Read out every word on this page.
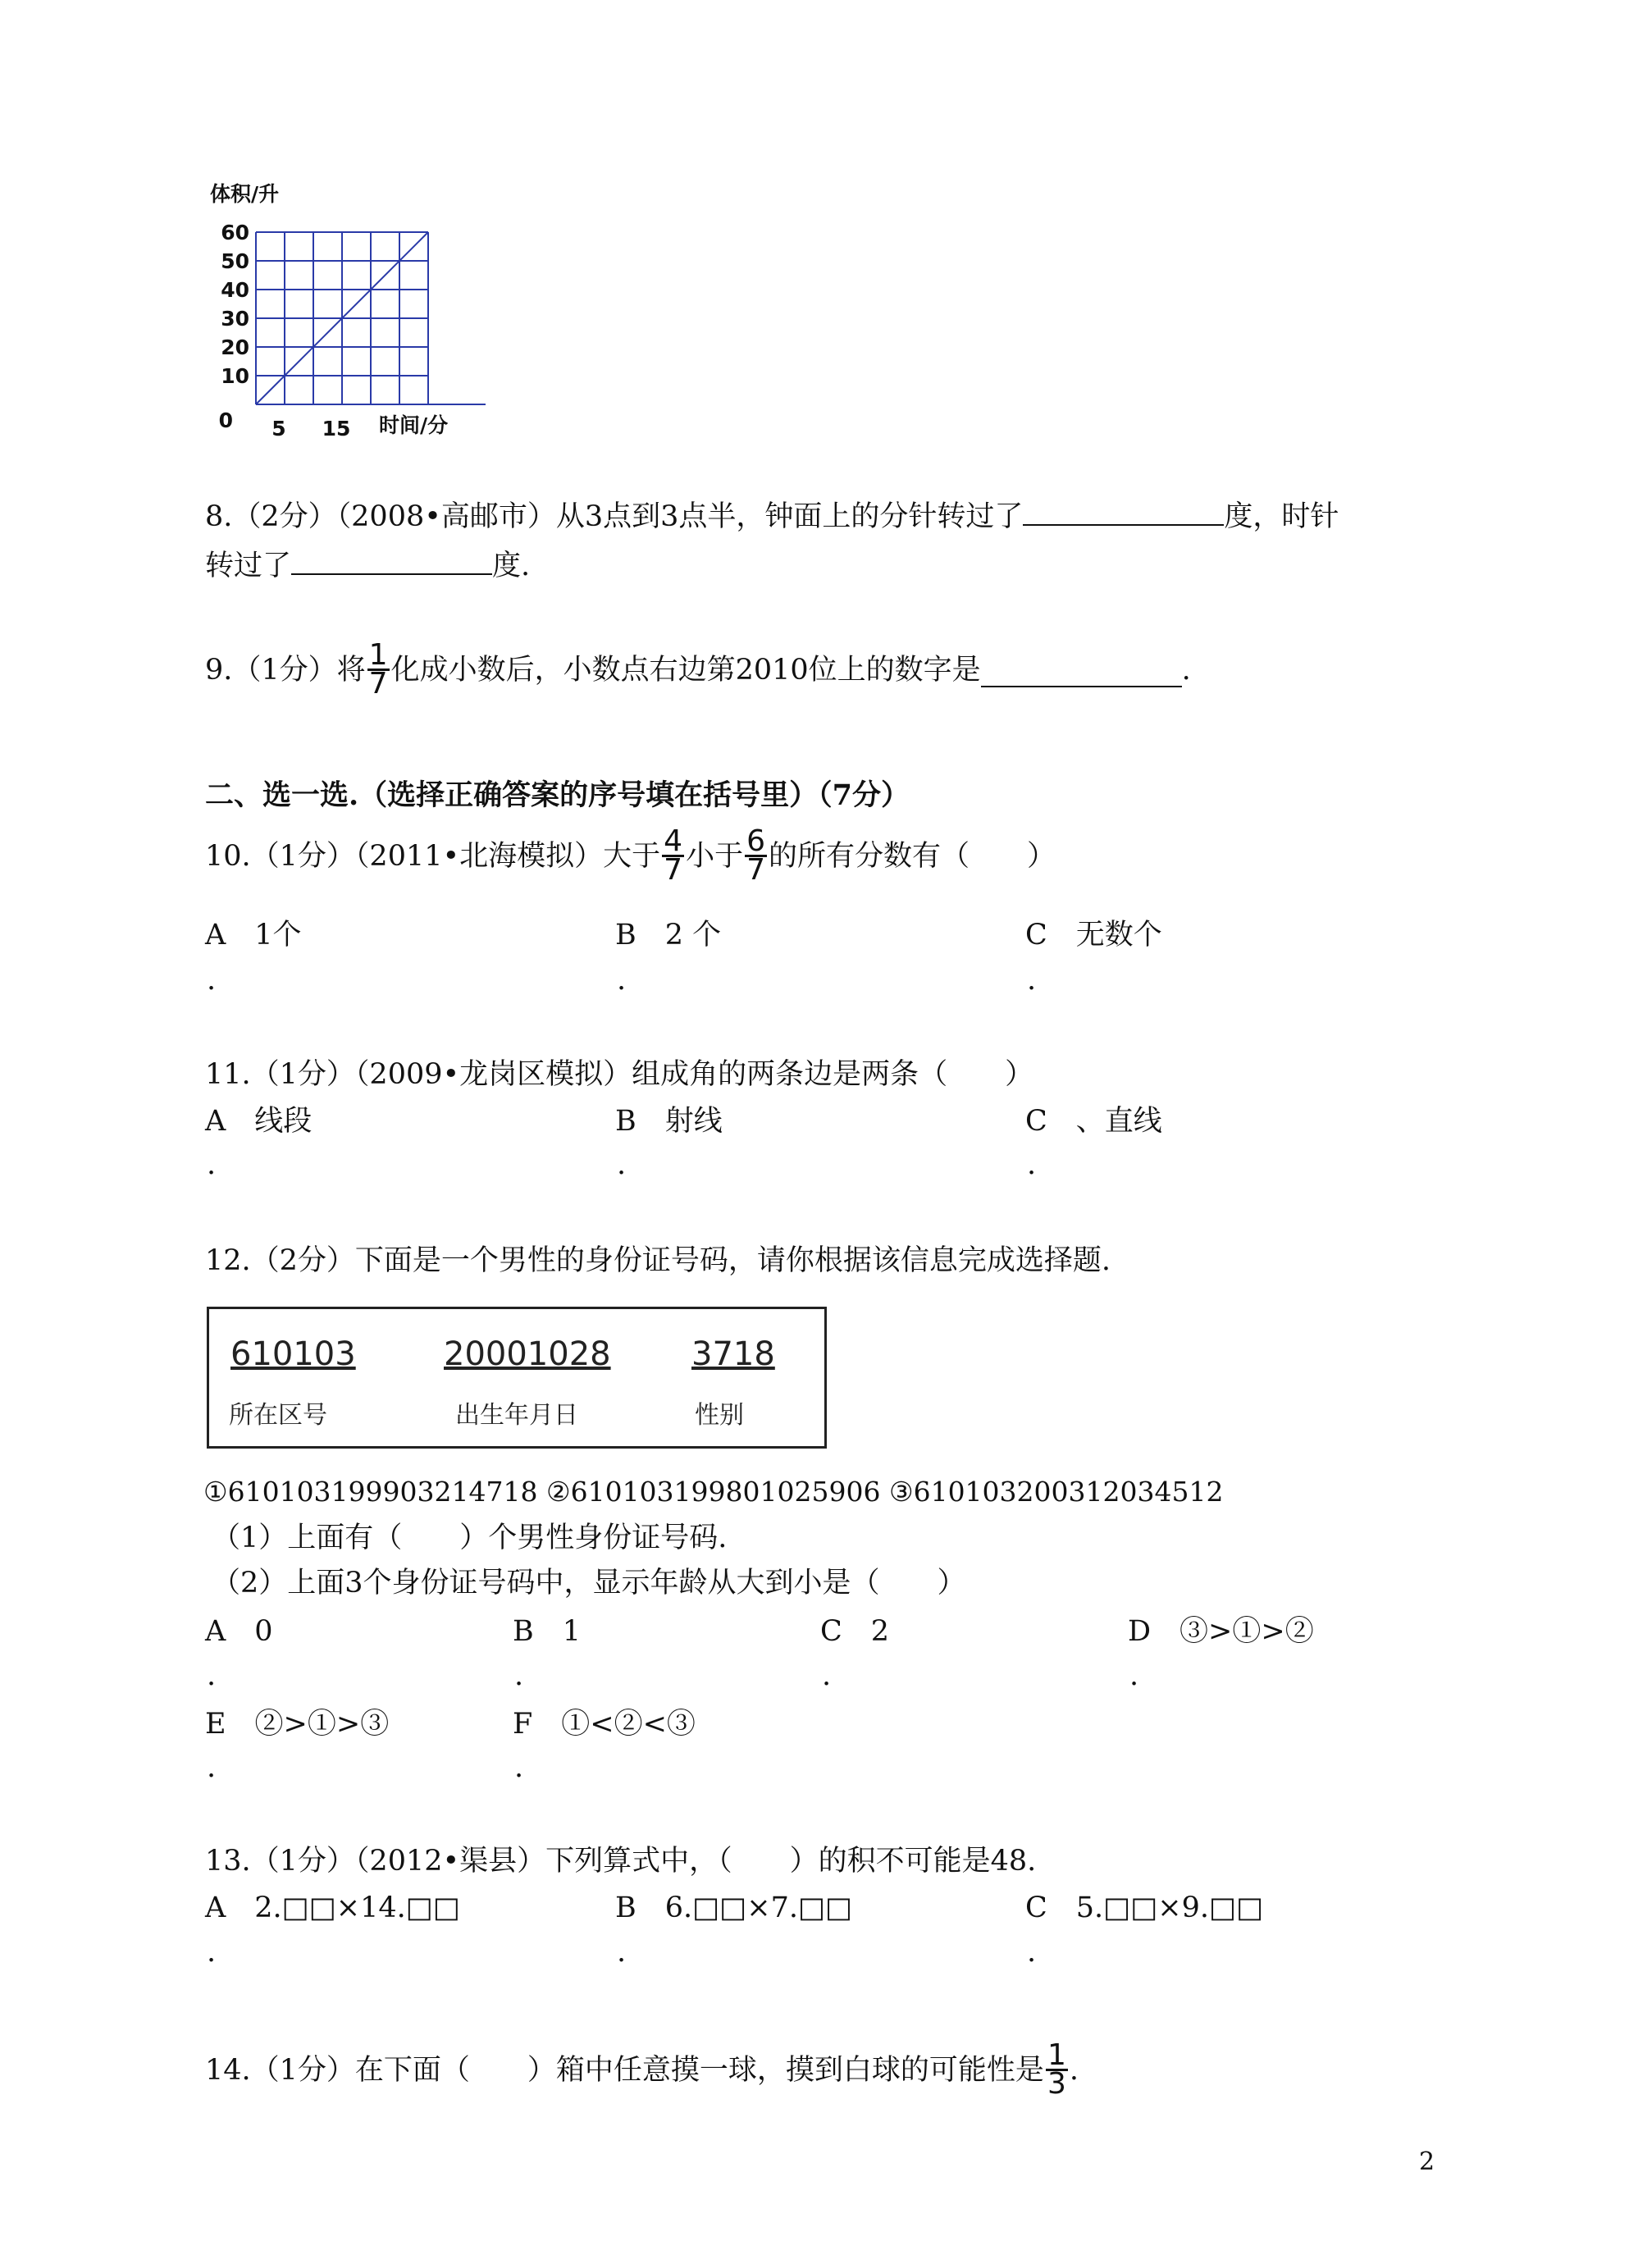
体积/升
60
50
40
30
20
10
0 5 15 时间/分
8.（2分）（2008•高邮市）从3点到3点半，钟面上的分针转过了	度，时针
转过了	度.
9.（1分）将 $\frac{1}{7}$ 化成小数后，小数点右边第2010位上的数字是	.
二、选一选.（选择正确答案的序号填在括号里）（7分）
10.（1分）（2011•北海模拟）大于 $\frac{4}{7}$ 小于 $\frac{6}{7}$ 的所有分数有（　　）
A　1个	B　2 个	C　无数个
.	.	.
11.（1分）（2009•龙岗区模拟）组成角的两条边是两条（　　）
A　线段	B　射线	C　、直线
.	.	.
12.（2分）下面是一个男性的身份证号码，请你根据该信息完成选择题.
610103	20001028 3718
所在区号	出生年月日	性别
①610103199903214718 ②610103199801025906 ③610103200312034512
（1）上面有（　　）个男性身份证号码.
（2）上面3个身份证号码中，显示年龄从大到小是（　　）
A　0	B　1	C　2	D　③>①>②
.	.	.	.
E　②>①>③	F　①<②<③
.	.
13.（1分）（2012•渠县）下列算式中，（　　）的积不可能是48.
A　2.□□×14.□□	B　6.□□×7.□□	C　5.□□×9.□□
.	.	.
14.（1分）在下面（　　）箱中任意摸一球，摸到白球的可能性是 $\frac{1}{3}$ .
2
